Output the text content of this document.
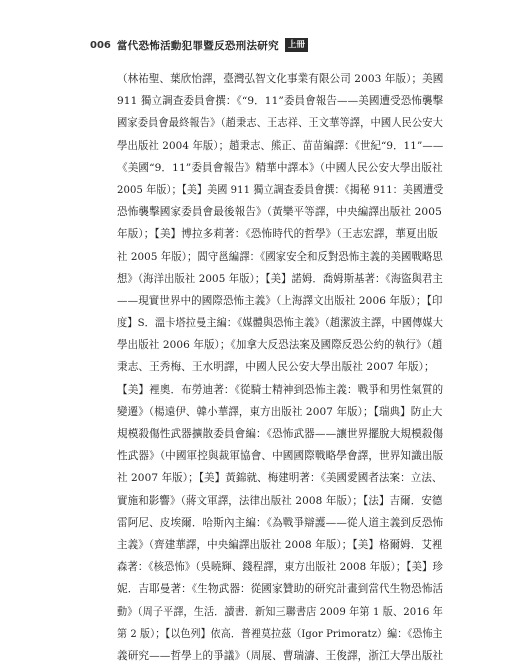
006 當代恐怖活動犯罪暨反恐刑法研究	上冊
（林祐聖、葉欣怡譯，臺灣弘智文化事業有限公司 2003 年版）；美國
911 獨立調查委員會撰：《“9．11”委員會報告——美國遭受恐怖襲擊
國家委員會最終報告》（趙秉志、王志祥、王文華等譯，中國人民公安大
學出版社 2004 年版）；趙秉志、熊正、苗苗編譯：《世紀“9．11”——
《美國“9．11”委員會報告》精華中譯本》（中國人民公安大學出版社
2005 年版）；【美】美國 911 獨立調查委員會撰：《揭秘 911：美國遭受
恐怖襲擊國家委員會最後報告》（黃樂平等譯，中央編譯出版社 2005
年版）；【美】博拉多莉著：《恐怖時代的哲學》（王志宏譯，華夏出版
社 2005 年版）；閻守邕編譯：《國家安全和反對恐怖主義的美國戰略思
想》（海洋出版社 2005 年版）；【美】諾姆．喬姆斯基著：《海盜與君主
——現實世界中的國際恐怖主義》（上海譯文出版社 2006 年版）；【印
度】S．溫卡塔拉曼主編：《媒體與恐怖主義》（趙潔波主譯，中國傳媒大
學出版社 2006 年版）；《加拿大反恐法案及國際反恐公約的執行》（趙
秉志、王秀梅、王水明譯，中國人民公安大學出版社 2007 年版）；
【美】裡奧．布勞迪著：《從騎士精神到恐怖主義：戰爭和男性氣質的
變遷》（楊遠伊、韓小華譯，東方出版社 2007 年版）；【瑞典】防止大
規模殺傷性武器擴散委員會編：《恐怖武器——讓世界擺脫大規模殺傷
性武器》（中國軍控與裁軍協會、中國國際戰略學會譯，世界知識出版
社 2007 年版）；【美】黃錦就、梅建明著：《美國愛國者法案：立法、
實施和影響》（蔣文軍譯，法律出版社 2008 年版）；【法】吉爾．安德
雷阿尼、皮埃爾．哈斯內主編：《為戰爭辯護——從人道主義到反恐怖
主義》（齊建華譯，中央編譯出版社 2008 年版）；【美】格爾姆．艾裡
森著：《核恐怖》（吳曉輝、錢程譯，東方出版社 2008 年版）；【美】珍
妮．吉耶曼著：《生物武器：從國家贊助的研究計畫到當代生物恐怖活
動》（周子平譯，生活．讀書．新知三聯書店 2009 年第 1 版、2016 年
第 2 版）；【以色列】依高．普裡莫拉茲（Igor Primoratz）編：《恐怖主
義研究——哲學上的爭議》（周展、曹瑞濤、王俊譯，浙江大學出版社
